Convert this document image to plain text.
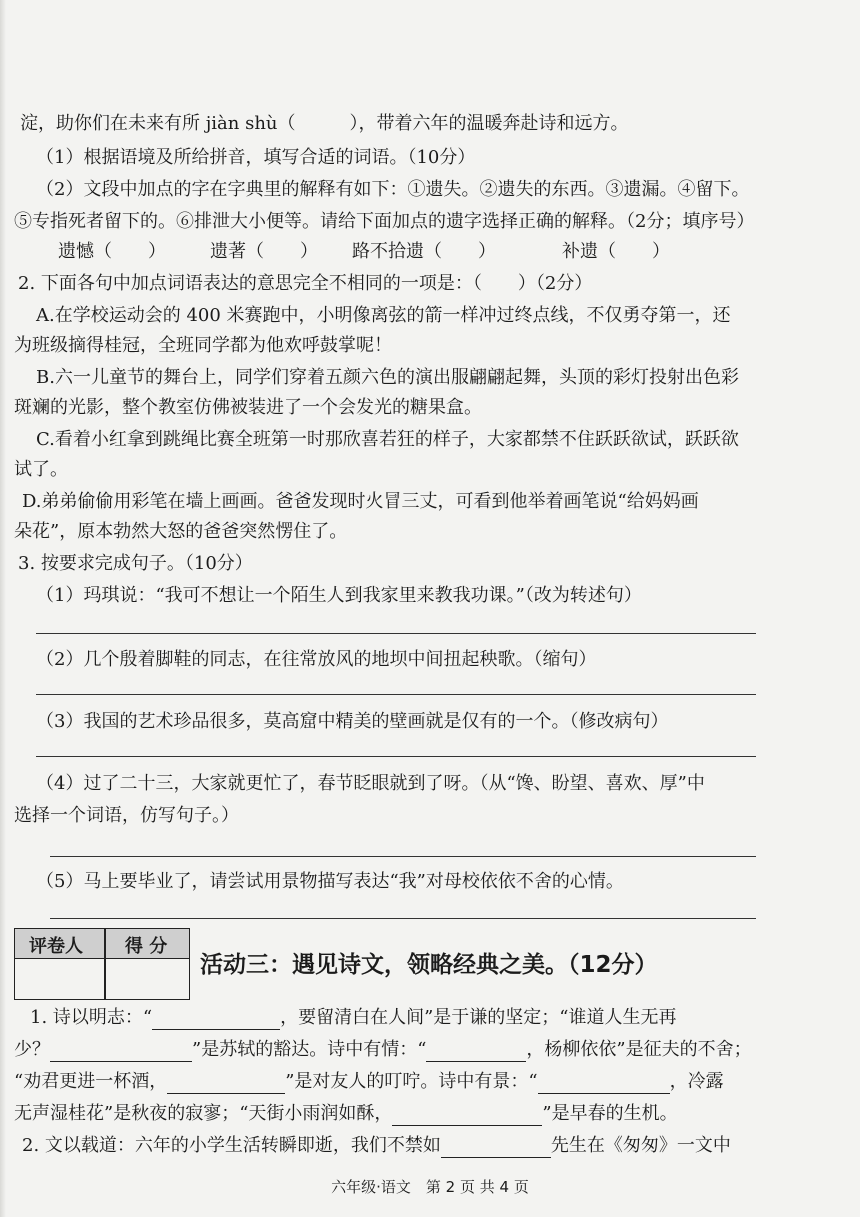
淀，助你们在未来有所 jiàn shù（　　　），带着六年的温暖奔赴诗和远方。
（1）根据语境及所给拼音，填写合适的词语。（10分）
（2）文段中加点的字在字典里的解释有如下：①遗失。②遗失的东西。③遗漏。④留下。
⑤专指死者留下的。⑥排泄大小便等。请给下面加点的遗字选择正确的解释。（2分；填序号）
遗憾（　　） 遗著（　　） 路不拾遗（　　）	补遗（　　）
2. 下面各句中加点词语表达的意思完全不相同的一项是：（　　）（2分）
A.在学校运动会的 400 米赛跑中，小明像离弦的箭一样冲过终点线，不仅勇夺第一，还
为班级摘得桂冠，全班同学都为他欢呼鼓掌呢！
B.六一儿童节的舞台上，同学们穿着五颜六色的演出服翩翩起舞，头顶的彩灯投射出色彩
斑斓的光影，整个教室仿佛被装进了一个会发光的糖果盒。
C.看着小红拿到跳绳比赛全班第一时那欣喜若狂的样子，大家都禁不住跃跃欲试，跃跃欲
试了。
D.弟弟偷偷用彩笔在墙上画画。爸爸发现时火冒三丈，可看到他举着画笔说“给妈妈画
朵花”，原本勃然大怒的爸爸突然愣住了。
3. 按要求完成句子。（10分）
（1）玛琪说：“我可不想让一个陌生人到我家里来教我功课。”（改为转述句）
（2）几个殷着脚鞋的同志，在往常放风的地坝中间扭起秧歌。（缩句）
（3）我国的艺术珍品很多，莫高窟中精美的壁画就是仅有的一个。（修改病句）
（4）过了二十三，大家就更忙了，春节眨眼就到了呀。（从“馋、盼望、喜欢、厚”中
选择一个词语，仿写句子。）
（5）马上要毕业了，请尝试用景物描写表达“我”对母校依依不舍的心情。
评卷人 得 分
活动三：遇见诗文，领略经典之美。（12分）
1. 诗以明志：“	，要留清白在人间”是于谦的坚定；“谁道人生无再
少？	”是苏轼的豁达。诗中有情：“	，杨柳依依”是征夫的不舍；
“劝君更进一杯酒，	”是对友人的叮咛。诗中有景：“	，冷露
无声湿桂花”是秋夜的寂寥；“天街小雨润如酥，	”是早春的生机。
2. 文以载道：六年的小学生活转瞬即逝，我们不禁如	先生在《匆匆》一文中
六年级·语文　第 2 页 共 4 页
